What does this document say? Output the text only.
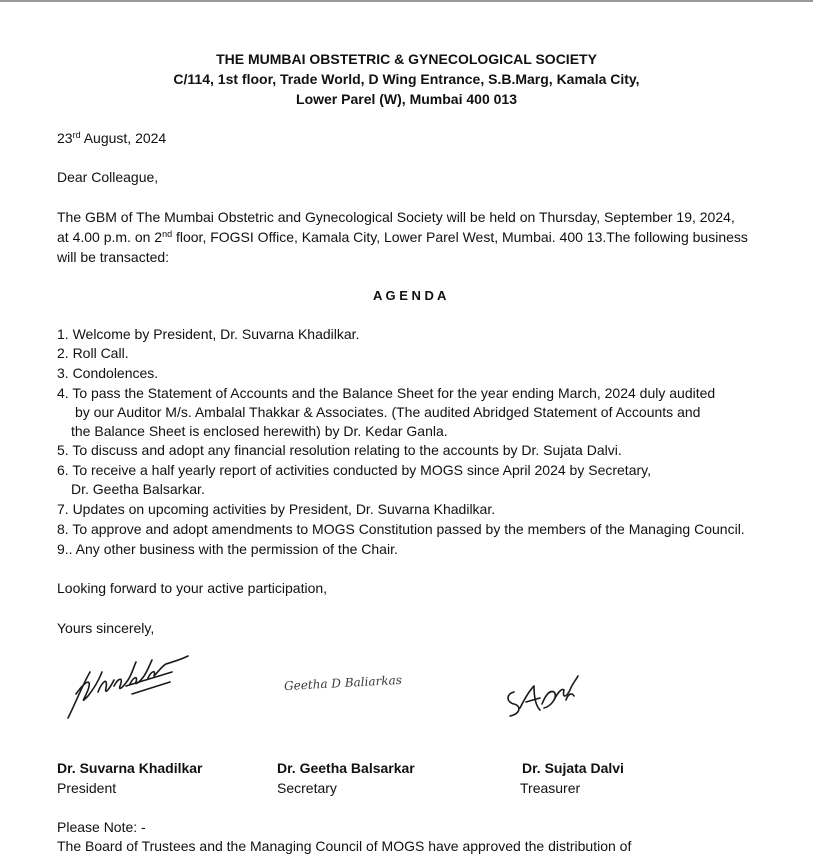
THE MUMBAI OBSTETRIC & GYNECOLOGICAL SOCIETY
C/114, 1st floor, Trade World, D Wing Entrance, S.B.Marg, Kamala City,
Lower Parel (W), Mumbai 400 013
23rd August, 2024
Dear Colleague,
The GBM of The Mumbai Obstetric and Gynecological Society will be held on Thursday, September 19, 2024,
at 4.00 p.m. on 2nd floor, FOGSI Office, Kamala City, Lower Parel West, Mumbai. 400 13.The following business
will be transacted:
A G E N D A
1. Welcome by President, Dr. Suvarna Khadilkar.
2. Roll Call.
3. Condolences.
4. To pass the Statement of Accounts and the Balance Sheet for the year ending March, 2024 duly audited
by our Auditor M/s. Ambalal Thakkar & Associates. (The audited Abridged Statement of Accounts and
the Balance Sheet is enclosed herewith) by Dr. Kedar Ganla.
5. To discuss and adopt any financial resolution relating to the accounts by Dr. Sujata Dalvi.
6. To receive a half yearly report of activities conducted by MOGS since April 2024 by Secretary,
Dr. Geetha Balsarkar.
7. Updates on upcoming activities by President, Dr. Suvarna Khadilkar.
8. To approve and adopt amendments to MOGS Constitution passed by the members of the Managing Council.
9.. Any other business with the permission of the Chair.
Looking forward to your active participation,
Yours sincerely,
Geetha D Baliarkas
Dr. Suvarna Khadilkar
President
Dr. Geetha Balsarkar
Secretary
Dr. Sujata Dalvi
Treasurer
Please Note: -
The Board of Trustees and the Managing Council of MOGS have approved the distribution of
